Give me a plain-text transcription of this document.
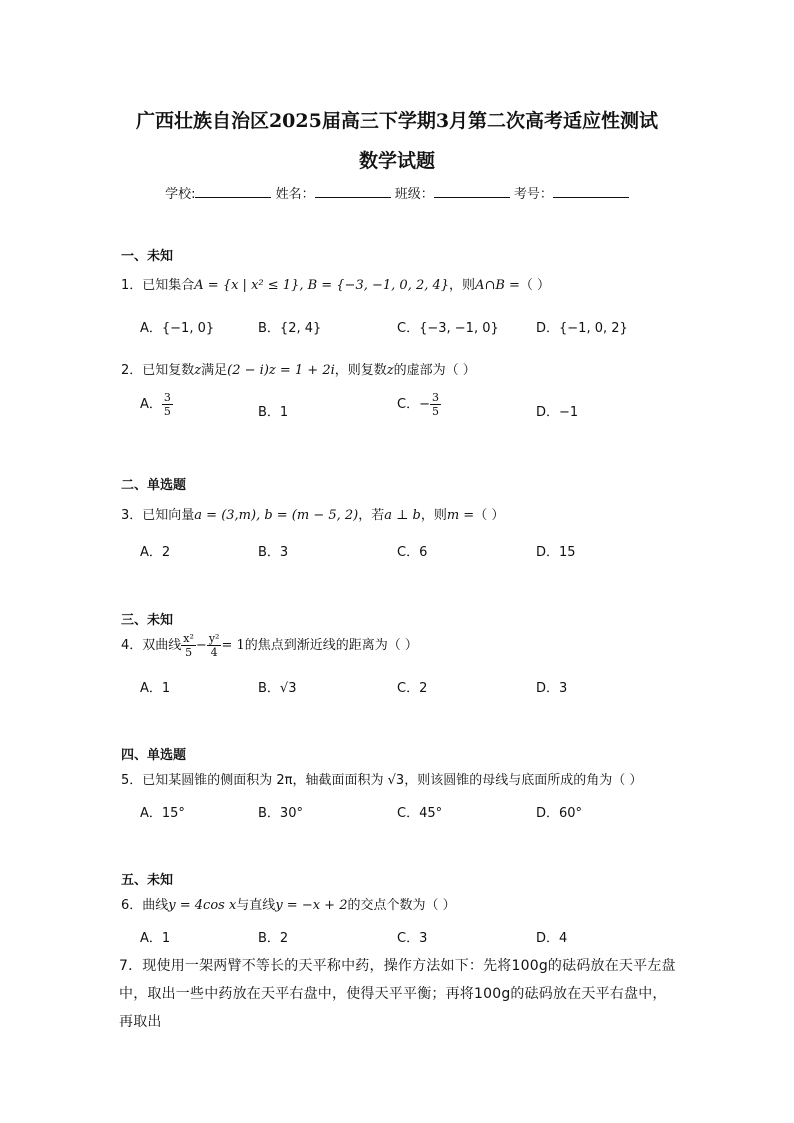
广西壮族自治区2025届高三下学期3月第二次高考适应性测试
数学试题
学校:	姓名：	班级：	考号：
一、未知
1．已知集合A = {x | x² ≤ 1}, B = {−3, −1, 0, 2, 4}，则A∩B =（ ）
A．{−1, 0}	B．{2, 4}	C．{−3, −1, 0}	D．{−1, 0, 2}
2．已知复数z满足(2 − i)z = 1 + 2i，则复数z的虚部为（ ）
A． $\frac{3}{5}$	B．1
C．− $\frac{3}{5}$	D．−1
二、单选题
3．已知向量a = (3,m), b = (m − 5, 2)，若a ⊥ b，则m =（ ）
A．2	B．3	C．6	D．15
三、未知
4．双曲线 $\frac{\text{x²}}{5} - \frac{\text{y²}}{4} = 1$的焦点到渐近线的距离为（ ）
A．1	B．√3	C．2	D．3
四、单选题
5．已知某圆锥的侧面积为 2π，轴截面面积为 √3，则该圆锥的母线与底面所成的角为（ ）
A．15°	B．30°	C．45°	D．60°
五、未知
6．曲线y = 4cos x与直线y = −x + 2的交点个数为（ ）
A．1	B．2	C．3	D．4
7．现使用一架两臂不等长的天平称中药，操作方法如下：先将100g的砝码放在天平左盘中，取出一些中药放在天平右盘中，使得天平平衡；再将100g的砝码放在天平右盘中，再取出
